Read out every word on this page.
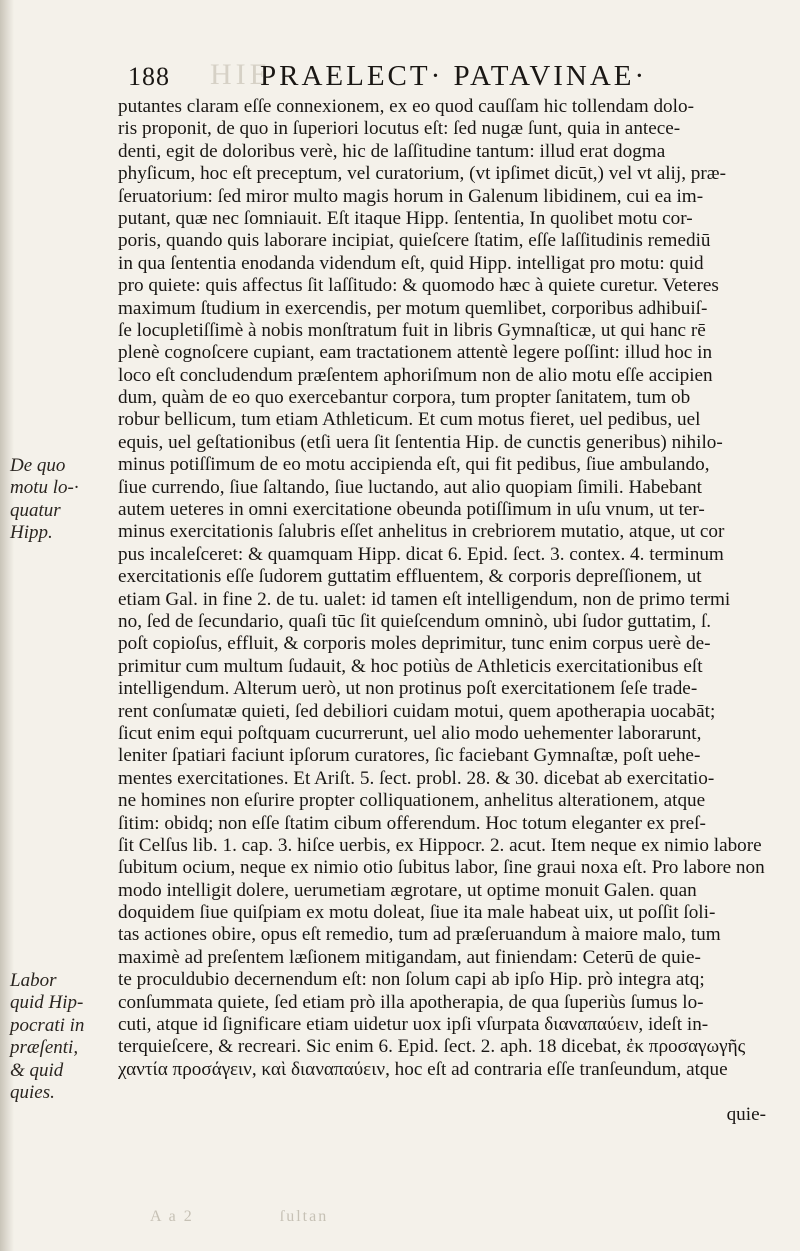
HIE
188	PRAELECT· PATAVINAE·
De quo
motu lo-·
quatur
Hipp.
Labor
quid Hip-
pocrati in
præſenti,
& quid
quies.
putantes claram eſſe connexionem, ex eo quod cauſſam hic tollendam dolo-
ris proponit, de quo in ſuperiori locutus eſt: ſed nugæ ſunt, quia in antece-
denti, egit de doloribus verè, hic de laſſitudine tantum: illud erat dogma
phyſicum, hoc eſt preceptum, vel curatorium, (vt ipſimet dicūt,) vel vt alij, præ-
ſeruatorium: ſed miror multo magis horum in Galenum libidinem, cui ea im-
putant, quæ nec ſomniauit. Eſt itaque Hipp. ſententia, In quolibet motu cor-
poris, quando quis laborare incipiat, quieſcere ſtatim, eſſe laſſitudinis remediū
in qua ſententia enodanda videndum eſt, quid Hipp. intelligat pro motu: quid
pro quiete: quis affectus ſit laſſitudo: & quomodo hæc à quiete curetur. Veteres
maximum ſtudium in exercendis, per motum quemlibet, corporibus adhibuiſ-
ſe locupletiſſimè à nobis monſtratum fuit in libris Gymnaſticæ, ut qui hanc rē
plenè cognoſcere cupiant, eam tractationem attentè legere poſſint: illud hoc in
loco eſt concludendum præſentem aphoriſmum non de alio motu eſſe accipien
dum, quàm de eo quo exercebantur corpora, tum propter ſanitatem, tum ob
robur bellicum, tum etiam Athleticum. Et cum motus fieret, uel pedibus, uel
equis, uel geſtationibus (etſi uera ſit ſententia Hip. de cunctis generibus) nihilo-
minus potiſſimum de eo motu accipienda eſt, qui fit pedibus, ſiue ambulando,
ſiue currendo, ſiue ſaltando, ſiue luctando, aut alio quopiam ſimili. Habebant
autem ueteres in omni exercitatione obeunda potiſſimum in uſu vnum, ut ter-
minus exercitationis ſalubris eſſet anhelitus in crebriorem mutatio, atque, ut cor
pus incaleſceret: & quamquam Hipp. dicat 6. Epid. ſect. 3. contex. 4. terminum
exercitationis eſſe ſudorem guttatim effluentem, & corporis depreſſionem, ut
etiam Gal. in fine 2. de tu. ualet: id tamen eſt intelligendum, non de primo termi
no, ſed de ſecundario, quaſi tūc ſit quieſcendum omninò, ubi ſudor guttatim, ſ.
poſt copioſus, effluit, & corporis moles deprimitur, tunc enim corpus uerè de-
primitur cum multum ſudauit, & hoc potiùs de Athleticis exercitationibus eſt
intelligendum. Alterum uerò, ut non protinus poſt exercitationem ſeſe trade-
rent conſumatæ quieti, ſed debiliori cuidam motui, quem apotherapia uocabāt;
ſicut enim equi poſtquam cucurrerunt, uel alio modo uehementer laborarunt,
leniter ſpatiari faciunt ipſorum curatores, ſic faciebant Gymnaſtæ, poſt uehe-
mentes exercitationes. Et Ariſt. 5. ſect. probl. 28. & 30. dicebat ab exercitatio-
ne homines non eſurire propter colliquationem, anhelitus alterationem, atque
ſitim: obidq; non eſſe ſtatim cibum offerendum. Hoc totum eleganter ex preſ-
ſit Celſus lib. 1. cap. 3. hiſce uerbis, ex Hippocr. 2. acut. Item neque ex nimio labore
ſubitum ocium, neque ex nimio otio ſubitus labor, ſine graui noxa eſt. Pro labore non
modo intelligit dolere, uerumetiam ægrotare, ut optime monuit Galen. quan
doquidem ſiue quiſpiam ex motu doleat, ſiue ita male habeat uix, ut poſſit ſoli-
tas actiones obire, opus eſt remedio, tum ad præſeruandum à maiore malo, tum
maximè ad preſentem læſionem mitigandam, aut finiendam: Ceterū de quie-
te proculdubio decernendum eſt: non ſolum capi ab ipſo Hip. prò integra atq;
conſummata quiete, ſed etiam prò illa apotherapia, de qua ſuperiùs ſumus lo-
cuti, atque id ſignificare etiam uidetur uox ipſi vſurpata διαναπαύειν, ideſt in-
terquieſcere, & recreari. Sic enim 6. Epid. ſect. 2. aph. 18 dicebat, ἐκ προσαγωγῆς
χαντία προσάγειν, καὶ διαναπαύειν, hoc eſt ad contraria eſſe tranſeundum, atque
quie-
A a 2	ſultan
